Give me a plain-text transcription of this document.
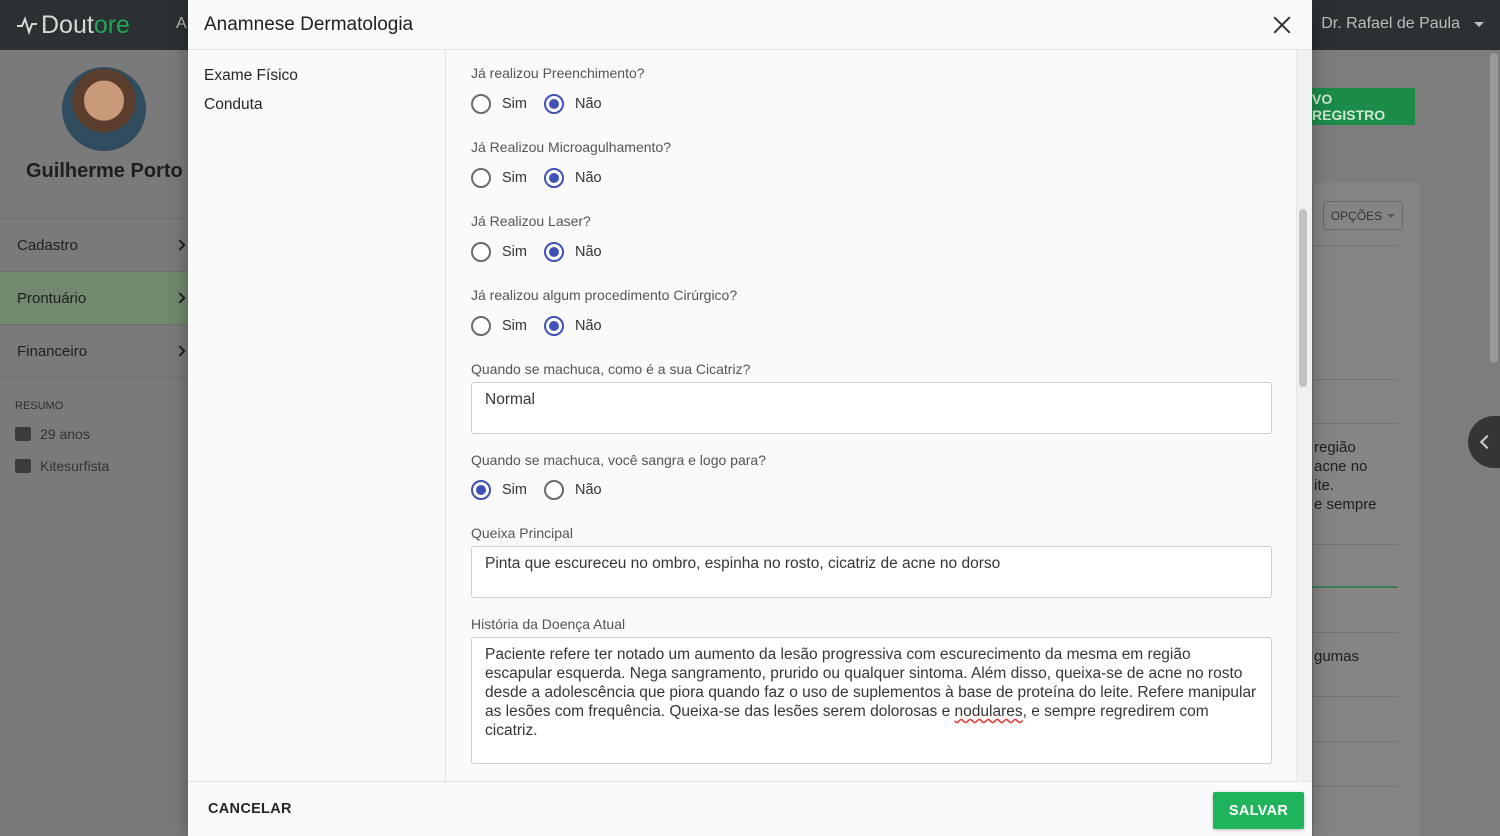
Dout ore	A	Dr. Rafael de Paula
Guilherme Porto
Cadastro
Prontuário
Financeiro
RESUMO
29 anos
Kitesurfista
VO REGISTRO
OPÇÕES
região
acne no
ite.
e sempre
gumas
Anamnese Dermatologia
Exame Físico
Conduta
Já realizou Preenchimento?
Sim	Não
Já Realizou Microagulhamento?
Sim	Não
Já Realizou Laser?
Sim	Não
Já realizou algum procedimento Cirúrgico?
Sim	Não
Quando se machuca, como é a sua Cicatriz?
Normal
Quando se machuca, você sangra e logo para?
Sim	Não
Queixa Principal
Pinta que escureceu no ombro, espinha no rosto, cicatriz de acne no dorso
História da Doença Atual
Paciente refere ter notado um aumento da lesão progressiva com escurecimento da mesma em região escapular esquerda. Nega sangramento, prurido ou qualquer sintoma. Além disso, queixa-se de acne no rosto desde a adolescência que piora quando faz o uso de suplementos à base de proteína do leite. Refere manipular as lesões com frequência. Queixa-se das lesões serem dolorosas e nodulares, e sempre regredirem com cicatriz.
CANCELAR	SALVAR
